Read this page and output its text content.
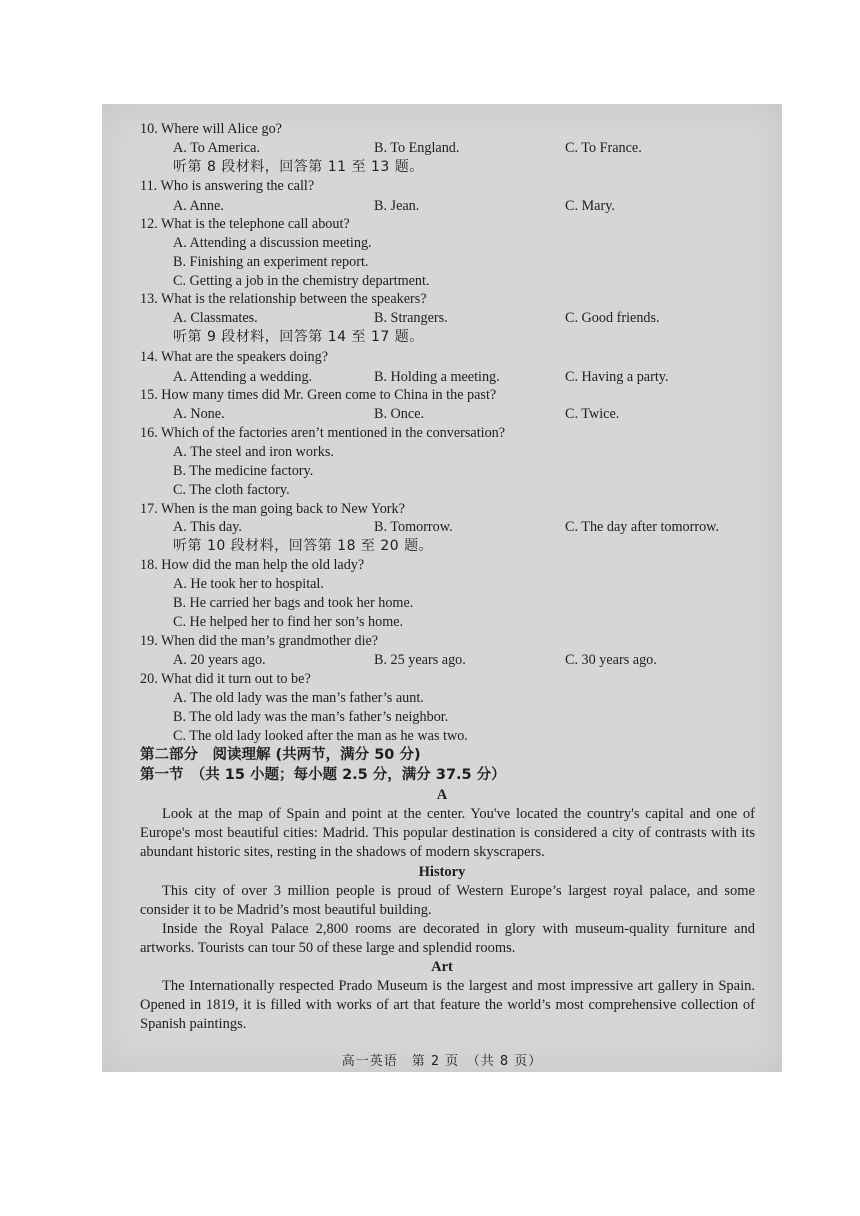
10. Where will Alice go?
A. To America.	B. To England.	C. To France.
听第 8 段材料，回答第 11 至 13 题。
11. Who is answering the call?
A. Anne.	B. Jean.	C. Mary.
12. What is the telephone call about?
A. Attending a discussion meeting.
B. Finishing an experiment report.
C. Getting a job in the chemistry department.
13. What is the relationship between the speakers?
A. Classmates.	B. Strangers.	C. Good friends.
听第 9 段材料，回答第 14 至 17 题。
14. What are the speakers doing?
A. Attending a wedding.	B. Holding a meeting.	C. Having a party.
15. How many times did Mr. Green come to China in the past?
A. None.	B. Once.	C. Twice.
16. Which of the factories aren’t mentioned in the conversation?
A. The steel and iron works.
B. The medicine factory.
C. The cloth factory.
17. When is the man going back to New York?
A. This day.	B. Tomorrow.	C. The day after tomorrow.
听第 10 段材料，回答第 18 至 20 题。
18. How did the man help the old lady?
A. He took her to hospital.
B. He carried her bags and took her home.
C. He helped her to find her son’s home.
19. When did the man’s grandmother die?
A. 20 years ago.	B. 25 years ago.	C. 30 years ago.
20. What did it turn out to be?
A. The old lady was the man’s father’s aunt.
B. The old lady was the man’s father’s neighbor.
C. The old lady looked after the man as he was two.
第二部分　阅读理解 (共两节，满分 50 分)
第一节　（共 15 小题；每小题 2.5 分，满分 37.5 分）
A
Look at the map of Spain and point at the center. You've located the country's capital and one of Europe's most beautiful cities: Madrid. This popular destination is considered a city of contrasts with its abundant historic sites, resting in the shadows of modern skyscrapers.
History
This city of over 3 million people is proud of Western Europe’s largest royal palace, and some consider it to be Madrid’s most beautiful building.
Inside the Royal Palace 2,800 rooms are decorated in glory with museum-quality furniture and artworks. Tourists can tour 50 of these large and splendid rooms.
Art
The Internationally respected Prado Museum is the largest and most impressive art gallery in Spain. Opened in 1819, it is filled with works of art that feature the world’s most comprehensive collection of Spanish paintings.
高一英语　第 2 页　（共 8 页）
